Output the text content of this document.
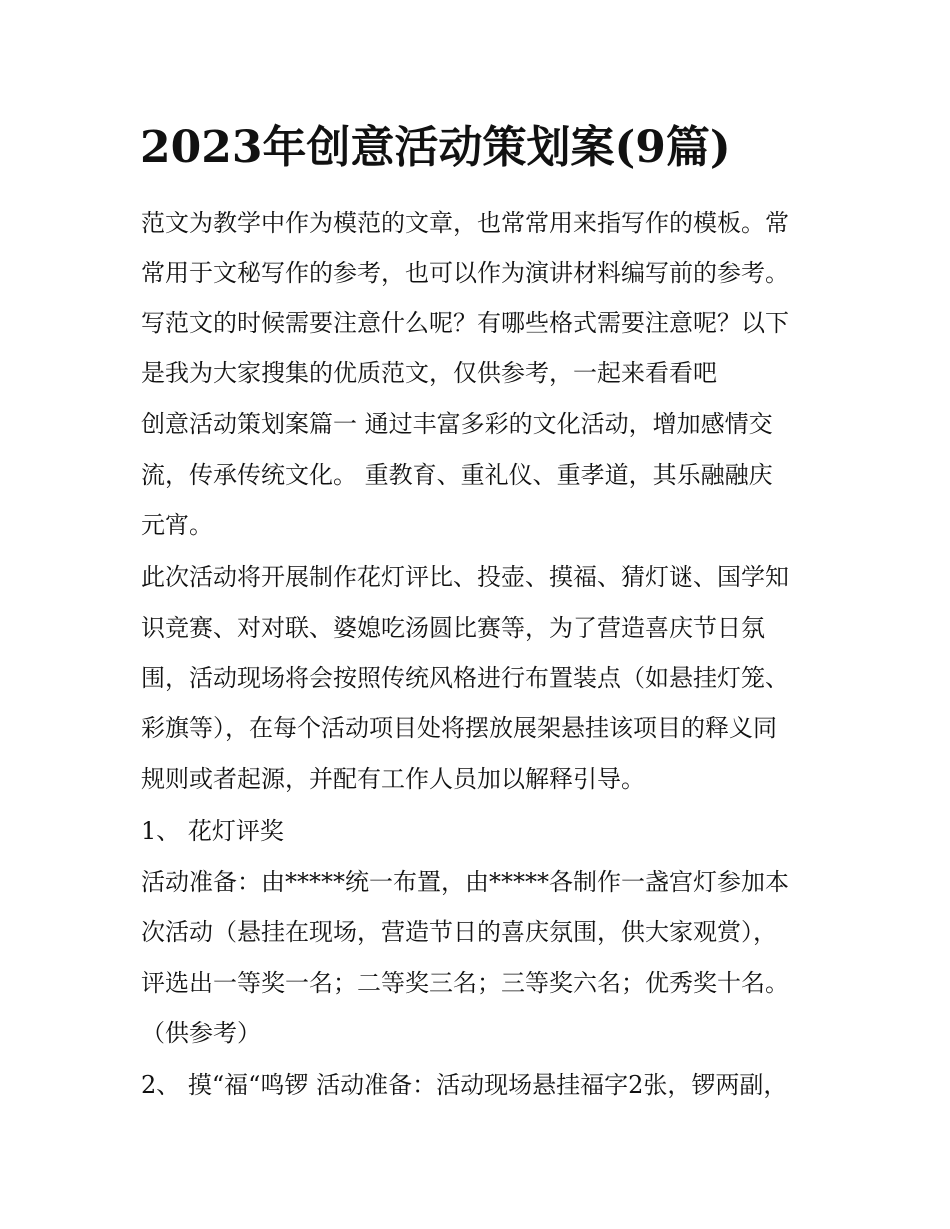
2023年创意活动策划案(9篇)

范文为教学中作为模范的文章，也常常用来指写作的模板。常

常用于文秘写作的参考，也可以作为演讲材料编写前的参考。

写范文的时候需要注意什么呢？有哪些格式需要注意呢？以下

是我为大家搜集的优质范文，仅供参考，一起来看看吧

创意活动策划案篇一 通过丰富多彩的文化活动，增加感情交

流，传承传统文化。 重教育、重礼仪、重孝道，其乐融融庆

元宵。

此次活动将开展制作花灯评比、投壶、摸福、猜灯谜、国学知

识竞赛、对对联、婆媳吃汤圆比赛等，为了营造喜庆节日氛

围，活动现场将会按照传统风格进行布置装点（如悬挂灯笼、

彩旗等），在每个活动项目处将摆放展架悬挂该项目的释义同

规则或者起源，并配有工作人员加以解释引导。

1、 花灯评奖

活动准备：由*****统一布置，由*****各制作一盏宫灯参加本

次活动（悬挂在现场，营造节日的喜庆氛围，供大家观赏），

评选出一等奖一名；二等奖三名；三等奖六名；优秀奖十名。

（供参考）

2、 摸“福“鸣锣 活动准备：活动现场悬挂福字2张，锣两副，
